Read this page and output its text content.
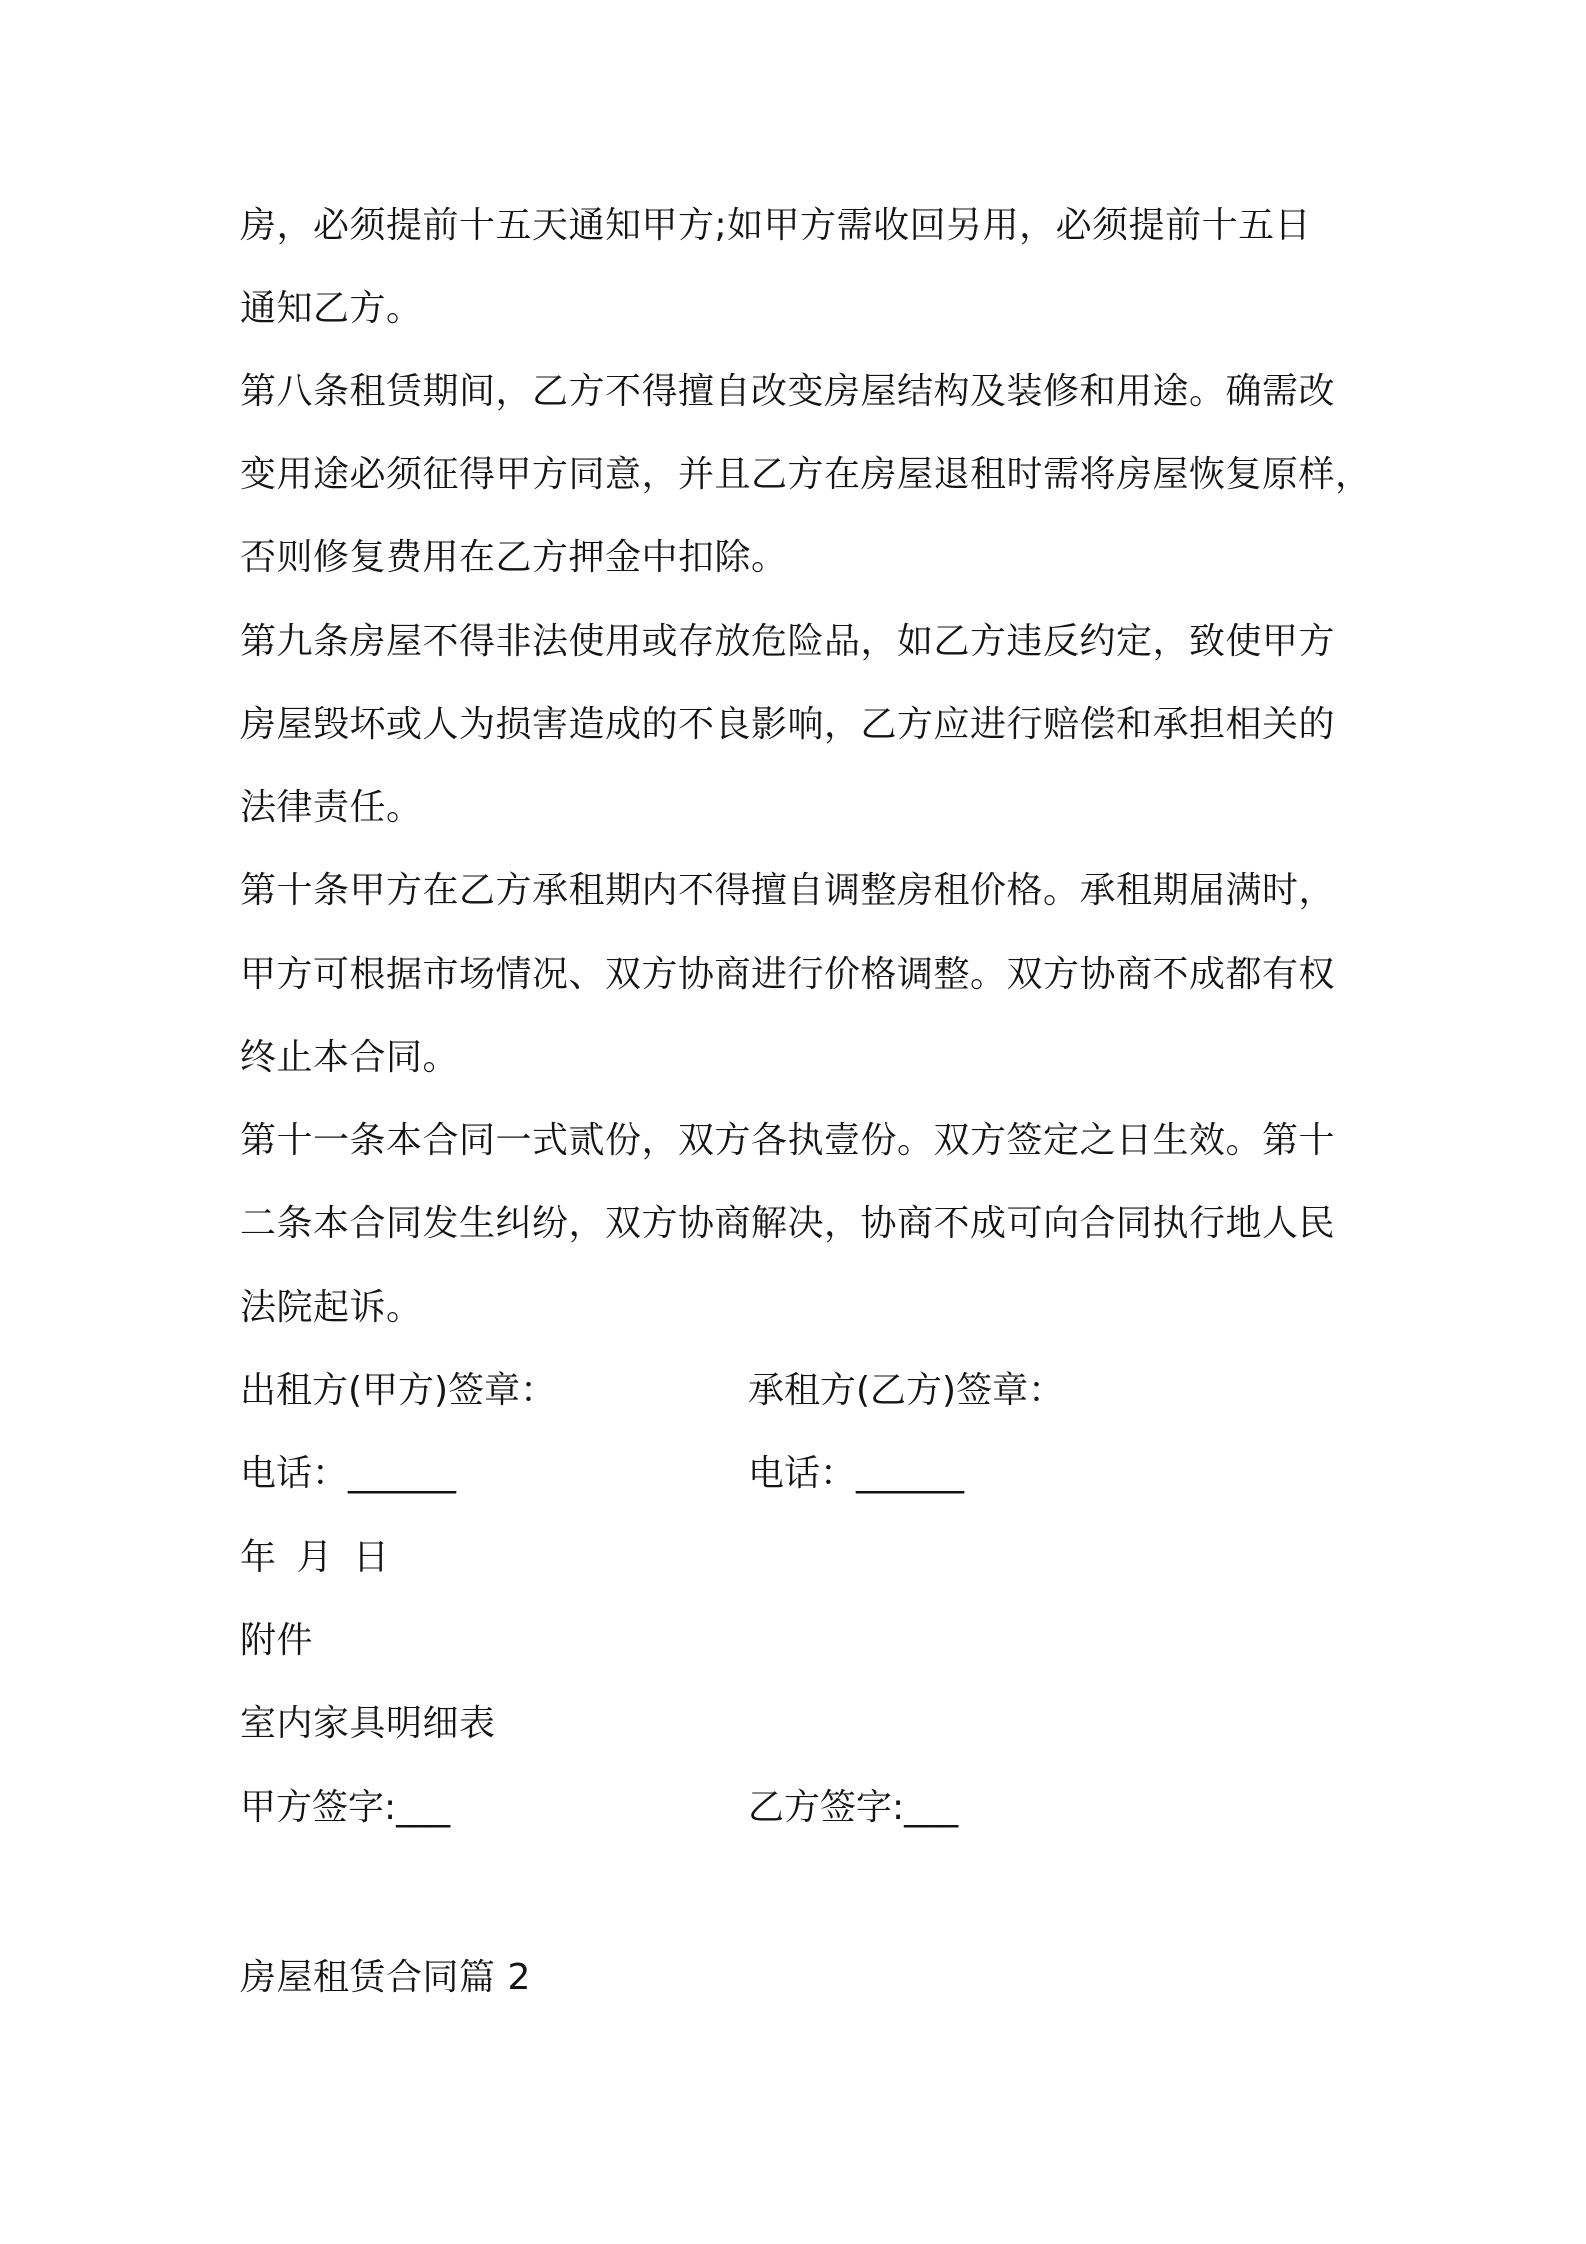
房，必须提前十五天通知甲方;如甲方需收回另用，必须提前十五日
通知乙方。
第八条租赁期间，乙方不得擅自改变房屋结构及装修和用途。确需改
变用途必须征得甲方同意，并且乙方在房屋退租时需将房屋恢复原样，
否则修复费用在乙方押金中扣除。
第九条房屋不得非法使用或存放危险品，如乙方违反约定，致使甲方
房屋毁坏或人为损害造成的不良影响，乙方应进行赔偿和承担相关的
法律责任。
第十条甲方在乙方承租期内不得擅自调整房租价格。承租期届满时，
甲方可根据市场情况、双方协商进行价格调整。双方协商不成都有权
终止本合同。
第十一条本合同一式贰份，双方各执壹份。双方签定之日生效。第十
二条本合同发生纠纷，双方协商解决，协商不成可向合同执行地人民
法院起诉。
出租方(甲方)签章：	承租方(乙方)签章：
电话：______	电话：______
年 月 日
附件
室内家具明细表
甲方签字:___	乙方签字:___
房屋租赁合同篇 2
